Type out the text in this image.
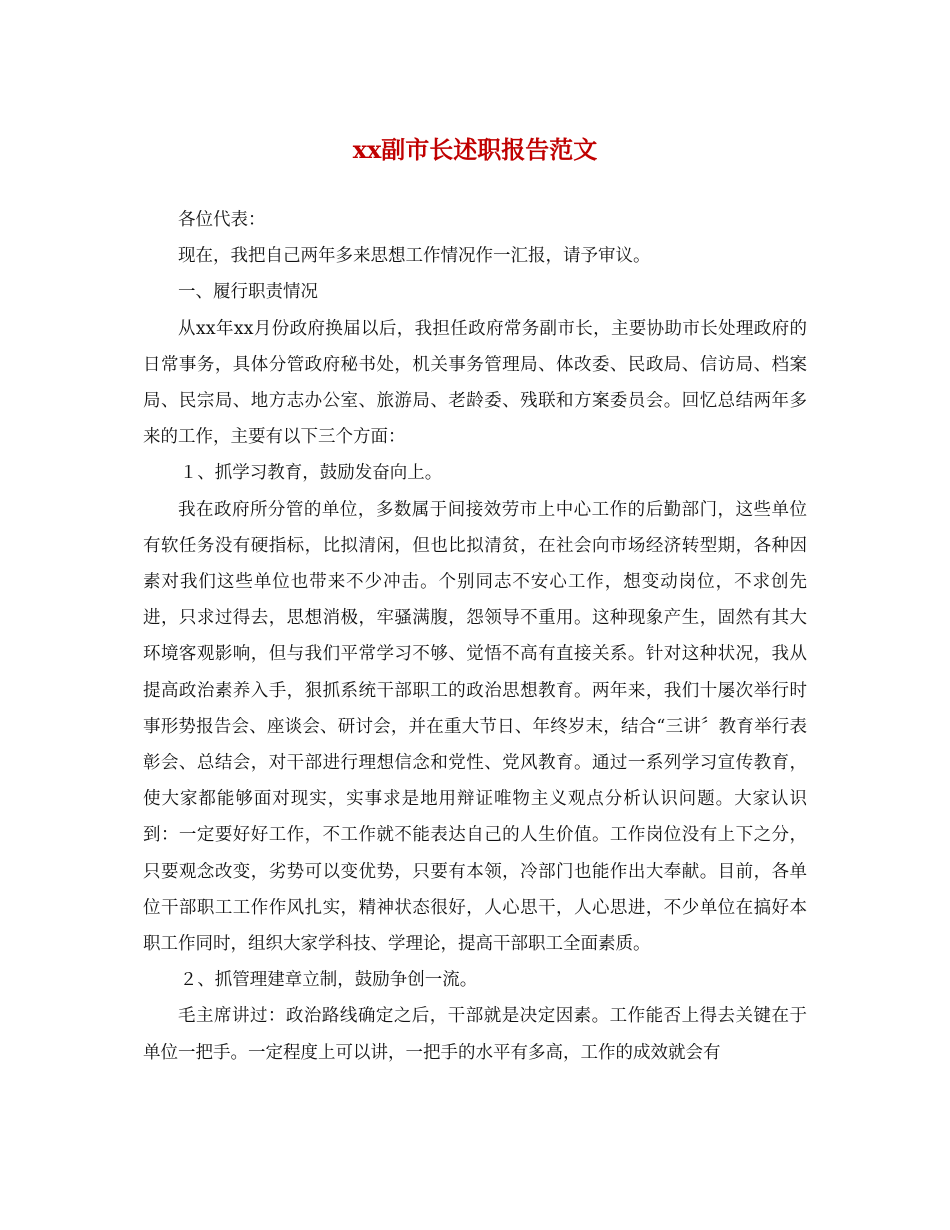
xx副市长述职报告范文

各位代表：

现在，我把自己两年多来思想工作情况作一汇报，请予审议。

一、履行职责情况

从xx年xx月份政府换届以后，我担任政府常务副市长，主要协助市长处理政府的日常事务，具体分管政府秘书处，机关事务管理局、体改委、民政局、信访局、档案局、民宗局、地方志办公室、旅游局、老龄委、残联和方案委员会。回忆总结两年多来的工作，主要有以下三个方面：

１、抓学习教育，鼓励发奋向上。

我在政府所分管的单位，多数属于间接效劳市上中心工作的后勤部门，这些单位有软任务没有硬指标，比拟清闲，但也比拟清贫，在社会向市场经济转型期，各种因素对我们这些单位也带来不少冲击。个别同志不安心工作，想变动岗位，不求创先进，只求过得去，思想消极，牢骚满腹，怨领导不重用。这种现象产生，固然有其大环境客观影响，但与我们平常学习不够、觉悟不高有直接关系。针对这种状况，我从提高政治素养入手，狠抓系统干部职工的政治思想教育。两年来，我们十屡次举行时事形势报告会、座谈会、研讨会，并在重大节日、年终岁末，结合“三讲〞教育举行表彰会、总结会，对干部进行理想信念和党性、党风教育。通过一系列学习宣传教育，使大家都能够面对现实，实事求是地用辩证唯物主义观点分析认识问题。大家认识到：一定要好好工作，不工作就不能表达自己的人生价值。工作岗位没有上下之分，只要观念改变，劣势可以变优势，只要有本领，冷部门也能作出大奉献。目前，各单位干部职工工作作风扎实，精神状态很好，人心思干，人心思进，不少单位在搞好本职工作同时，组织大家学科技、学理论，提高干部职工全面素质。

２、抓管理建章立制，鼓励争创一流。

毛主席讲过：政治路线确定之后，干部就是决定因素。工作能否上得去关键在于单位一把手。一定程度上可以讲，一把手的水平有多高，工作的成效就会有
